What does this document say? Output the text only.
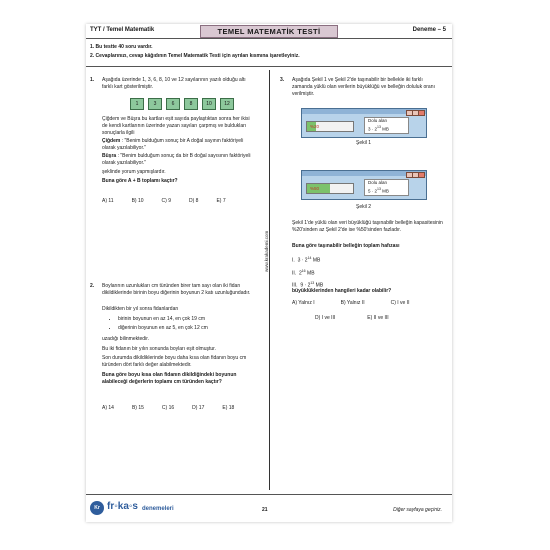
TYT / Temel Matematik	TEMEL MATEMATİK TESTİ	Deneme – 5
1. Bu testte 40 soru vardır.
2. Cevaplarınızı, cevap kâğıdının Temel Matematik Testi için ayrılan kısmına işaretleyiniz.
www.krakademi.com
1. Aşağıda üzerinde 1, 3, 6, 8, 10 ve 12 sayılarının yazılı olduğu altı farklı kart gösterilmiştir.
1	3	6	8	10	12
Çiğdem ve Büşra bu kartları eşit sayıda paylaştıktan sonra her ikisi de kendi kartlarının üzerinde yazan sayıları çarpmış ve buldukları sonuçlarla ilgili
Çiğdem : "Benim bulduğum sonuç bir A doğal sayının faktöriyeli olarak yazılabiliyor."
Büşra : "Benim bulduğum sonuç da bir B doğal sayısının faktöriyeli olarak yazılabiliyor."
şeklinde yorum yapmışlardır.
Buna göre A + B toplamı kaçtır?
A) 11	B) 10	C) 9	D) 8	E) 7
2. Boylarının uzunlukları cm türünden birer tam sayı olan iki fidan dikildiklerinde birinin boyu diğerinin boyunun 2 katı uzunluğundadır.
Dikildikten bir yıl sonra fidanlardan
• birinin boyunun en az 14, en çok 19 cm
• diğerinin boyunun en az 5, en çok 12 cm
uzadığı bilinmektedir.
Bu iki fidanın bir yılın sonunda boyları eşit olmuştur.
Son durumda dikildiklerinde boyu daha kısa olan fidanın boyu cm türünden dört farklı değer alabilmektedir.
Buna göre boyu kısa olan fidanın dikildiğindeki boyunun alabileceği değerlerin toplamı cm türünden kaçtır?
A) 14	B) 15	C) 16	D) 17	E) 18
3. Aşağıda Şekil 1 ve Şekil 2'de taşınabilir bir bellekle iki farklı zamanda yüklü olan verilerin büyüklüğü ve belleğin doluluk oranı verilmiştir.
%20
Dolu alan
$3 \cdot 2^{13}$ MB
Şekil 1
%50
Dolu alan
$5 \cdot 2^{13}$ MB
Şekil 2
Şekil 1'de yüklü olan veri büyüklüğü taşınabilir belleğin kapasitesinin %20'sinden az Şekil 2'de ise %50'sinden fazladır.
Buna göre taşınabilir belleğin toplam hafızası
I. $3 \cdot 2^{14}$ MB
II. $2^{16}$ MB
III. $9 \cdot 2^{13}$ MB
büyüklüklerinden hangileri kadar olabilir?
A) Yalnız I	B) Yalnız II	C) I ve II
D) I ve III	E) II ve III
Kr fr◦ka◦s denemeleri	21	Diğer sayfaya geçiniz.
